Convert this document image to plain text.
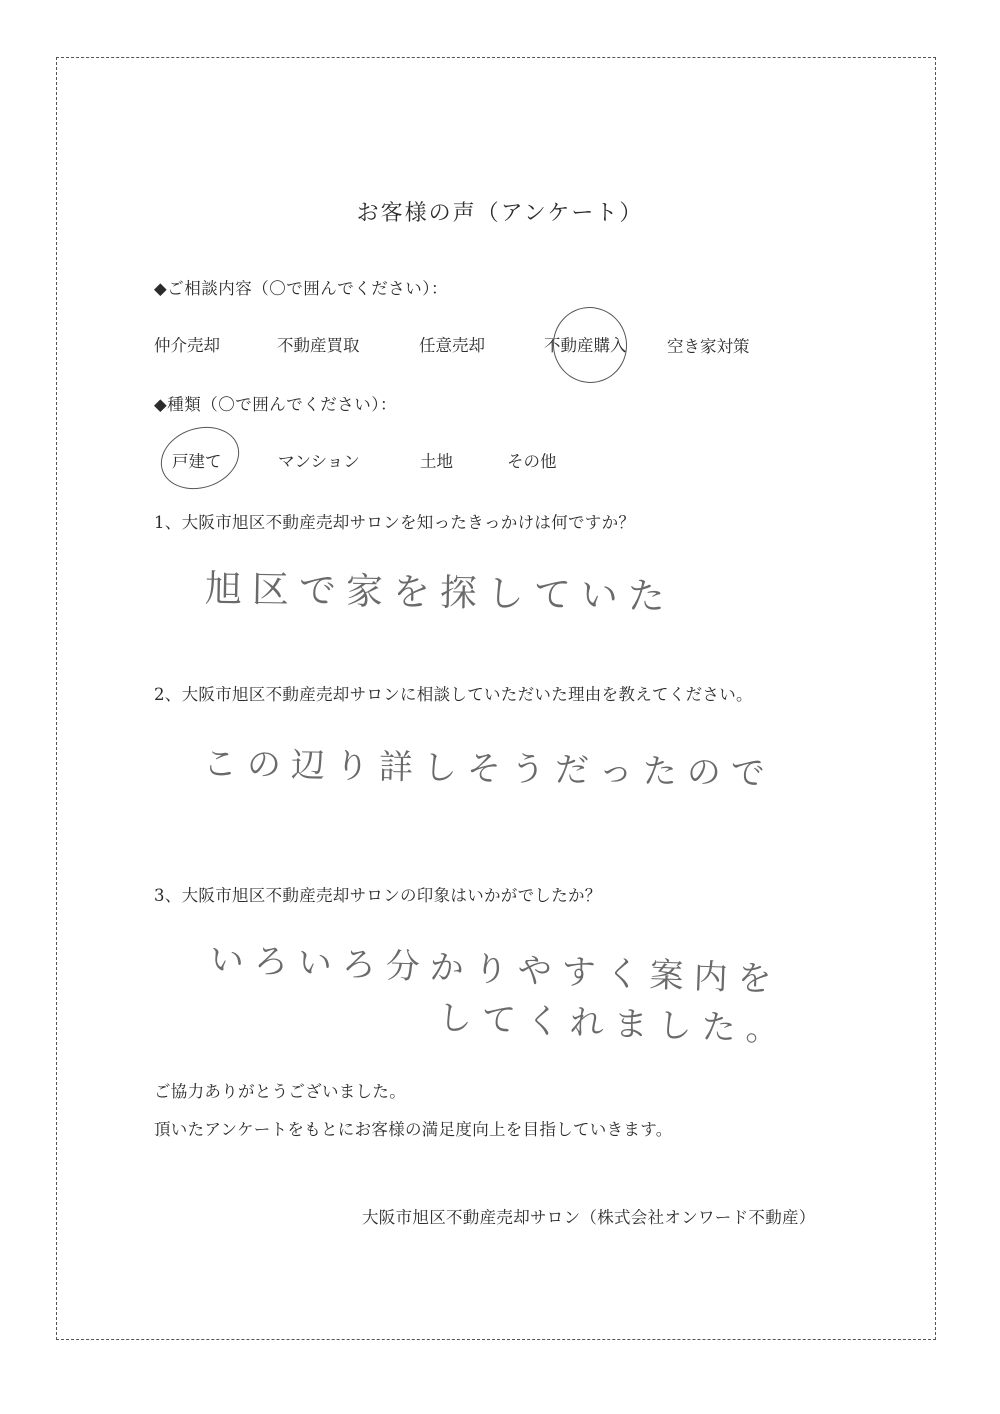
お客様の声（アンケート）
◆ご相談内容（〇で囲んでください）：
仲介売却	不動産買取	任意売却	不動産購入 空き家対策
◆種類（〇で囲んでください）：
戸建て	マンション	土地	その他
1、大阪市旭区不動産売却サロンを知ったきっかけは何ですか？
旭区で家を探していた
2、大阪市旭区不動産売却サロンに相談していただいた理由を教えてください。
この辺り詳しそうだったので
3、大阪市旭区不動産売却サロンの印象はいかがでしたか？
いろいろ分かりやすく案内を
してくれました。
ご協力ありがとうございました。
頂いたアンケートをもとにお客様の満足度向上を目指していきます。
大阪市旭区不動産売却サロン（株式会社オンワード不動産）
